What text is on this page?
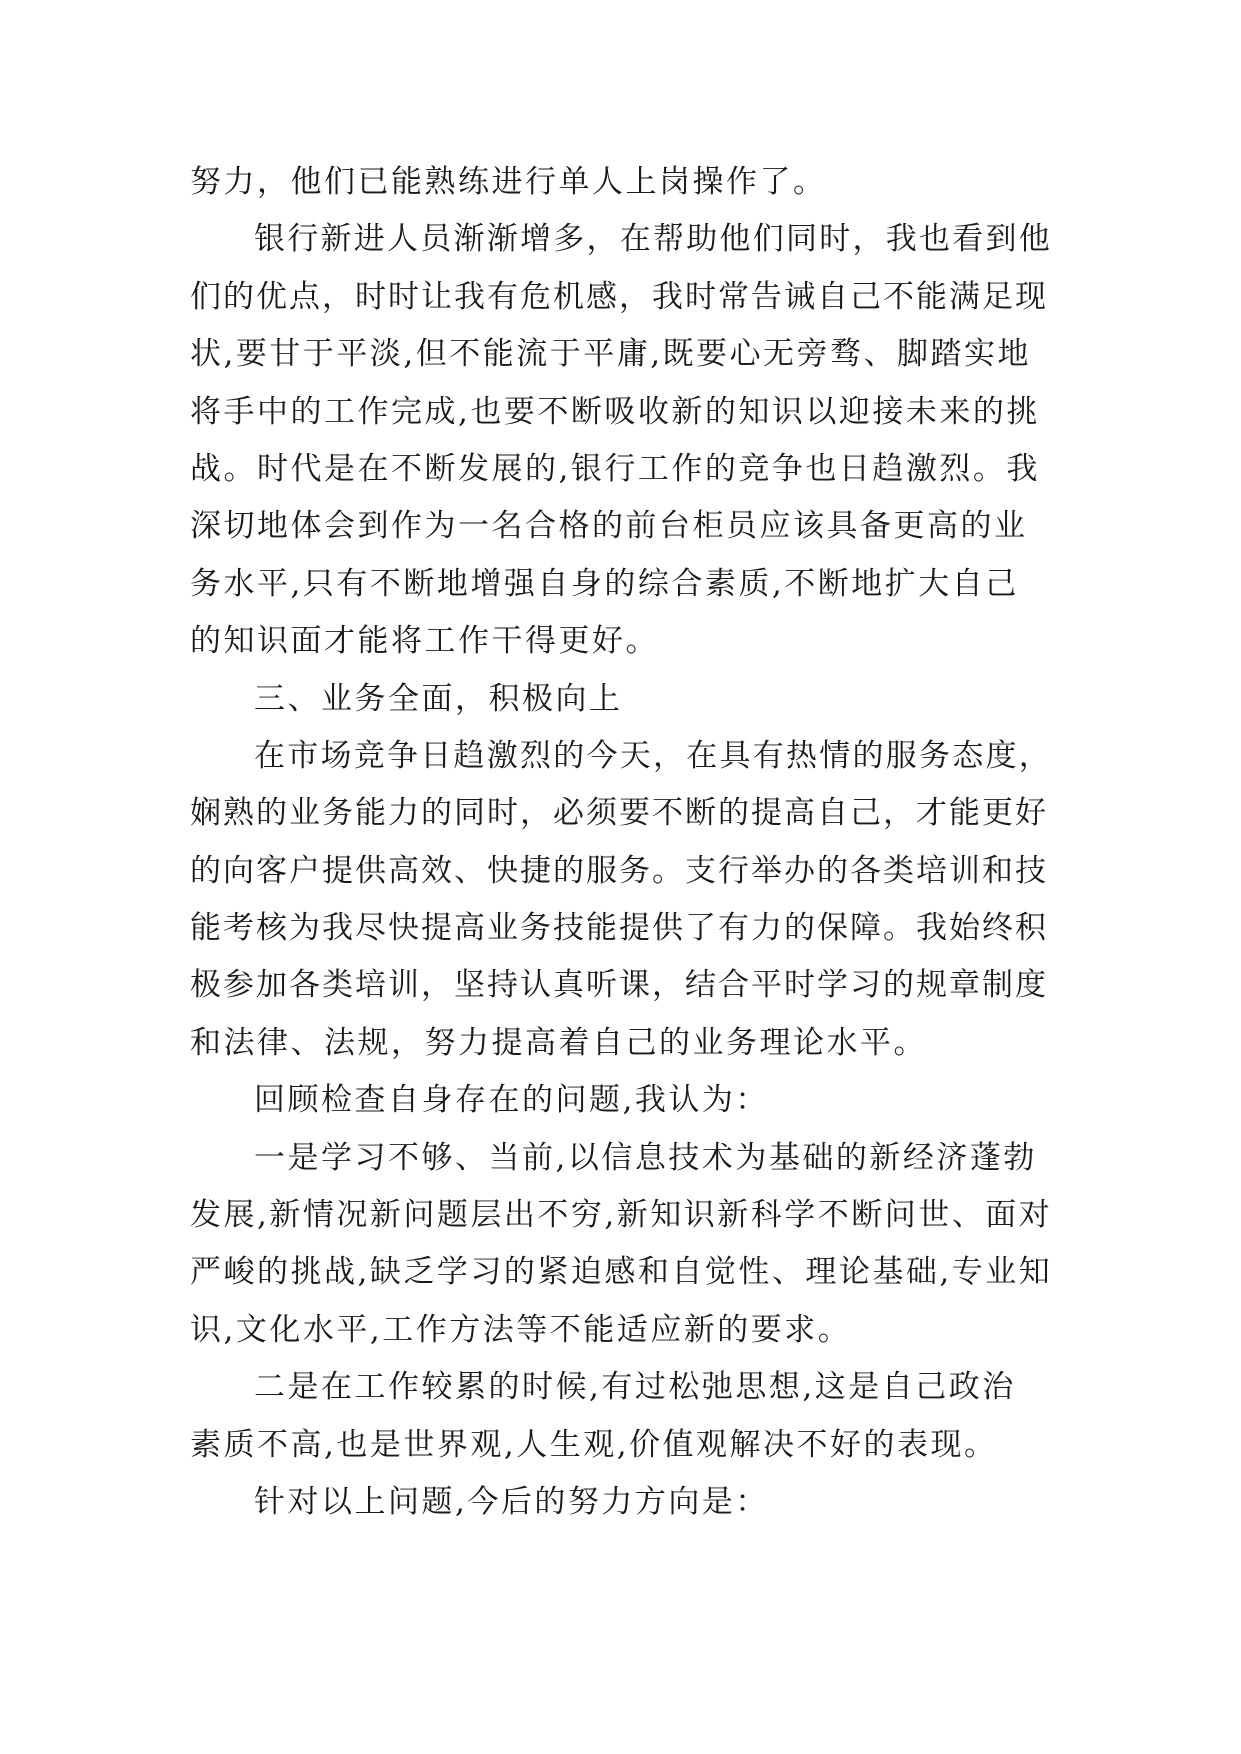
努力，他们已能熟练进行单人上岗操作了。
银行新进人员渐渐增多，在帮助他们同时，我也看到他
们的优点，时时让我有危机感，我时常告诫自己不能满足现
状,要甘于平淡,但不能流于平庸,既要心无旁骛、脚踏实地
将手中的工作完成,也要不断吸收新的知识以迎接未来的挑
战。时代是在不断发展的,银行工作的竞争也日趋激烈。我
深切地体会到作为一名合格的前台柜员应该具备更高的业
务水平,只有不断地增强自身的综合素质,不断地扩大自己
的知识面才能将工作干得更好。
三、业务全面，积极向上
在市场竞争日趋激烈的今天，在具有热情的服务态度，
娴熟的业务能力的同时，必须要不断的提高自己，才能更好
的向客户提供高效、快捷的服务。支行举办的各类培训和技
能考核为我尽快提高业务技能提供了有力的保障。我始终积
极参加各类培训，坚持认真听课，结合平时学习的规章制度
和法律、法规，努力提高着自己的业务理论水平。
回顾检查自身存在的问题,我认为：
一是学习不够、当前,以信息技术为基础的新经济蓬勃
发展,新情况新问题层出不穷,新知识新科学不断问世、面对
严峻的挑战,缺乏学习的紧迫感和自觉性、理论基础,专业知
识,文化水平,工作方法等不能适应新的要求。
二是在工作较累的时候,有过松弛思想,这是自己政治
素质不高,也是世界观,人生观,价值观解决不好的表现。
针对以上问题,今后的努力方向是：
